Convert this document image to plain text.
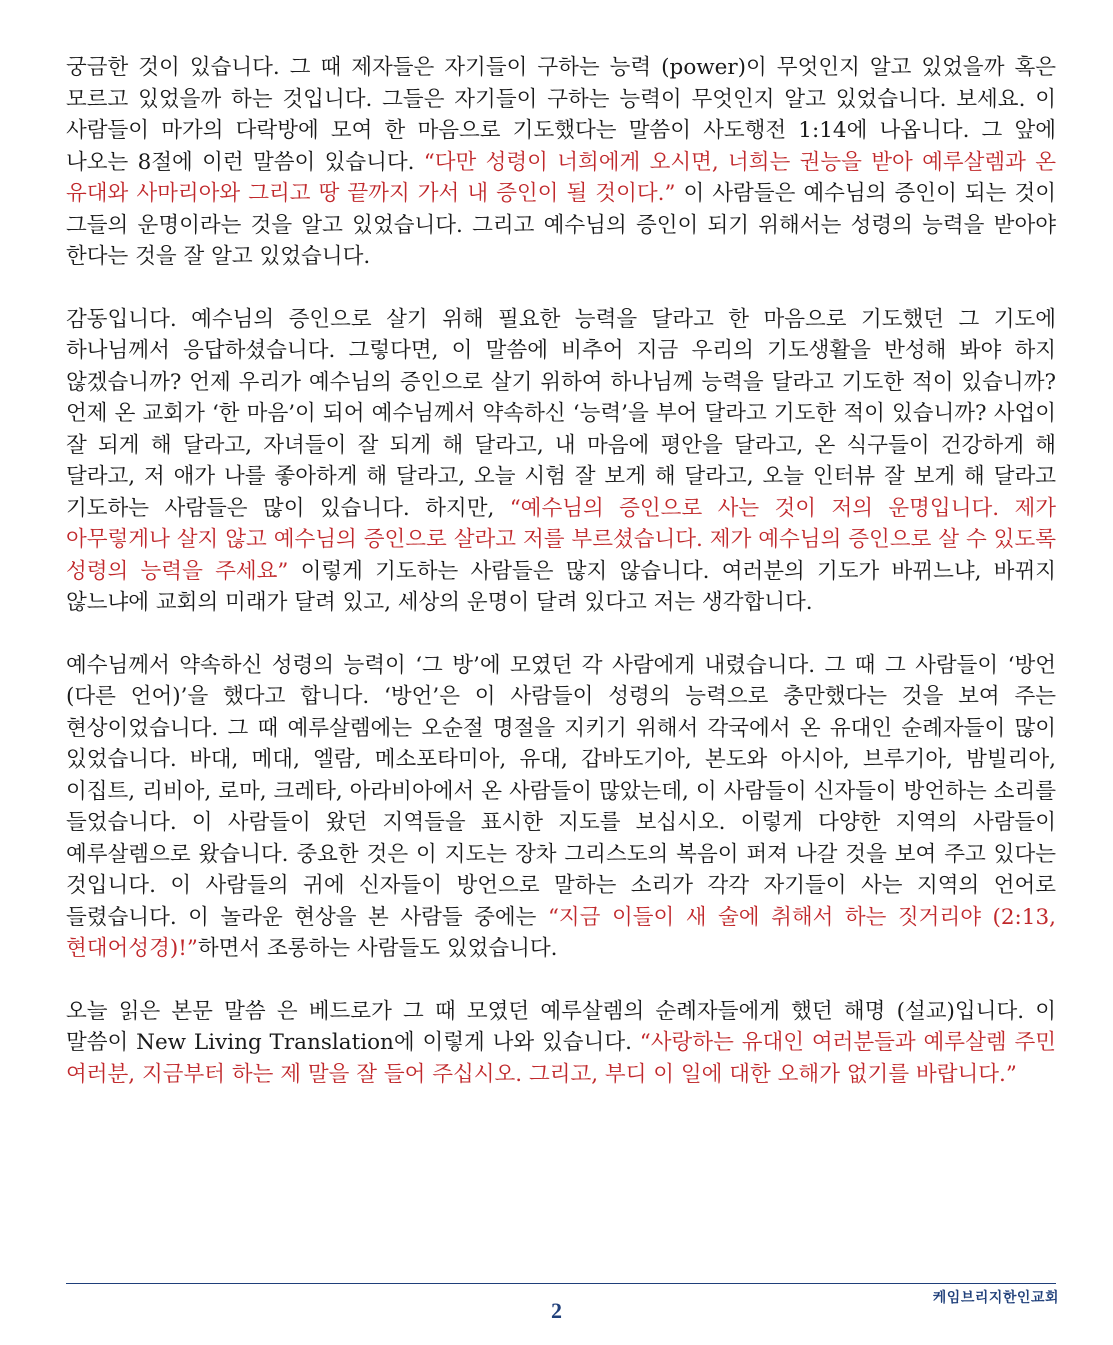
궁금한 것이 있습니다. 그 때 제자들은 자기들이 구하는 능력 (power)이 무엇인지 알고 있었을까 혹은 모르고 있었을까 하는 것입니다. 그들은 자기들이 구하는 능력이 무엇인지 알고 있었습니다. 보세요. 이 사람들이 마가의 다락방에 모여 한 마음으로 기도했다는 말씀이 사도행전 1:14에 나옵니다. 그 앞에 나오는 8절에 이런 말씀이 있습니다. “다만 성령이 너희에게 오시면, 너희는 권능을 받아 예루살렘과 온 유대와 사마리아와 그리고 땅 끝까지 가서 내 증인이 될 것이다.” 이 사람들은 예수님의 증인이 되는 것이 그들의 운명이라는 것을 알고 있었습니다. 그리고 예수님의 증인이 되기 위해서는 성령의 능력을 받아야 한다는 것을 잘 알고 있었습니다.

감동입니다. 예수님의 증인으로 살기 위해 필요한 능력을 달라고 한 마음으로 기도했던 그 기도에 하나님께서 응답하셨습니다. 그렇다면, 이 말씀에 비추어 지금 우리의 기도생활을 반성해 봐야 하지 않겠습니까? 언제 우리가 예수님의 증인으로 살기 위하여 하나님께 능력을 달라고 기도한 적이 있습니까? 언제 온 교회가 ‘한 마음’이 되어 예수님께서 약속하신 ‘능력’을 부어 달라고 기도한 적이 있습니까? 사업이 잘 되게 해 달라고, 자녀들이 잘 되게 해 달라고, 내 마음에 평안을 달라고, 온 식구들이 건강하게 해 달라고, 저 애가 나를 좋아하게 해 달라고, 오늘 시험 잘 보게 해 달라고, 오늘 인터뷰 잘 보게 해 달라고 기도하는 사람들은 많이 있습니다. 하지만, “예수님의 증인으로 사는 것이 저의 운명입니다. 제가 아무렇게나 살지 않고 예수님의 증인으로 살라고 저를 부르셨습니다. 제가 예수님의 증인으로 살 수 있도록 성령의 능력을 주세요” 이렇게 기도하는 사람들은 많지 않습니다. 여러분의 기도가 바뀌느냐, 바뀌지 않느냐에 교회의 미래가 달려 있고, 세상의 운명이 달려 있다고 저는 생각합니다.

예수님께서 약속하신 성령의 능력이 ‘그 방’에 모였던 각 사람에게 내렸습니다. 그 때 그 사람들이 ‘방언 (다른 언어)’을 했다고 합니다. ‘방언’은 이 사람들이 성령의 능력으로 충만했다는 것을 보여 주는 현상이었습니다. 그 때 예루살렘에는 오순절 명절을 지키기 위해서 각국에서 온 유대인 순례자들이 많이 있었습니다. 바대, 메대, 엘람, 메소포타미아, 유대, 갑바도기아, 본도와 아시아, 브루기아, 밤빌리아, 이집트, 리비아, 로마, 크레타, 아라비아에서 온 사람들이 많았는데, 이 사람들이 신자들이 방언하는 소리를 들었습니다. 이 사람들이 왔던 지역들을 표시한 지도를 보십시오. 이렇게 다양한 지역의 사람들이 예루살렘으로 왔습니다. 중요한 것은 이 지도는 장차 그리스도의 복음이 퍼져 나갈 것을 보여 주고 있다는 것입니다. 이 사람들의 귀에 신자들이 방언으로 말하는 소리가 각각 자기들이 사는 지역의 언어로 들렸습니다. 이 놀라운 현상을 본 사람들 중에는 “지금 이들이 새 술에 취해서 하는 짓거리야 (2:13, 현대어성경)!”하면서 조롱하는 사람들도 있었습니다.

오늘 읽은 본문 말씀 은 베드로가 그 때 모였던 예루살렘의 순례자들에게 했던 해명 (설교)입니다. 이 말씀이 New Living Translation에 이렇게 나와 있습니다. “사랑하는 유대인 여러분들과 예루살렘 주민 여러분, 지금부터 하는 제 말을 잘 들어 주십시오. 그리고, 부디 이 일에 대한 오해가 없기를 바랍니다.”

케임브리지한인교회
2
